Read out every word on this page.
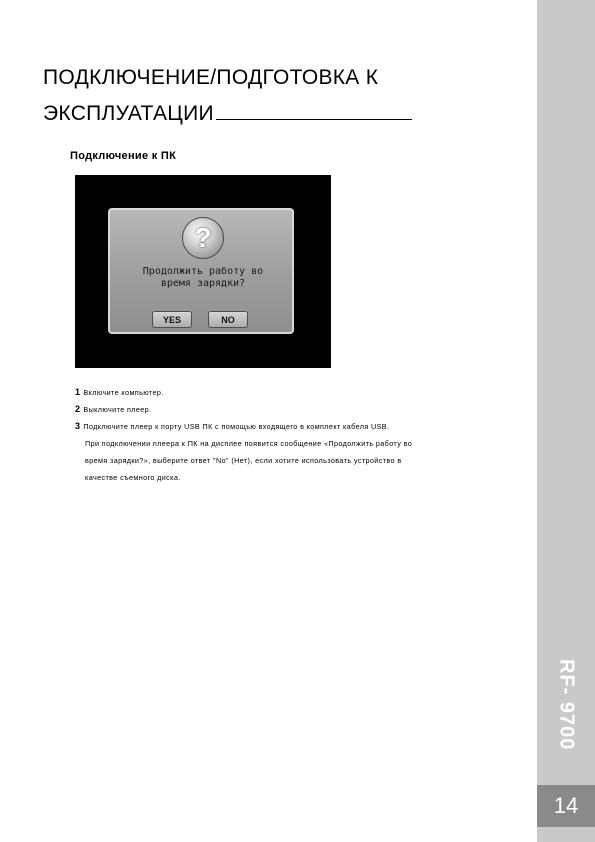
RF- 9700
14
ПОДКЛЮЧЕНИЕ/ПОДГОТОВКА К
ЭКСПЛУАТАЦИИ
Подключение к ПК
?
Продолжить работу во
время зарядки?
YES	NO
1 Включите компьютер.
2 Выключите плеер.
3 Подключите плеер к порту USB ПК с помощью входящего в комплект кабеля USB.
При подключении плеера к ПК на дисплее появится сообщение «Продолжить работу во
время зарядки?», выберите ответ "No" (Нет), если хотите использовать устройство в
качестве съемного диска.
